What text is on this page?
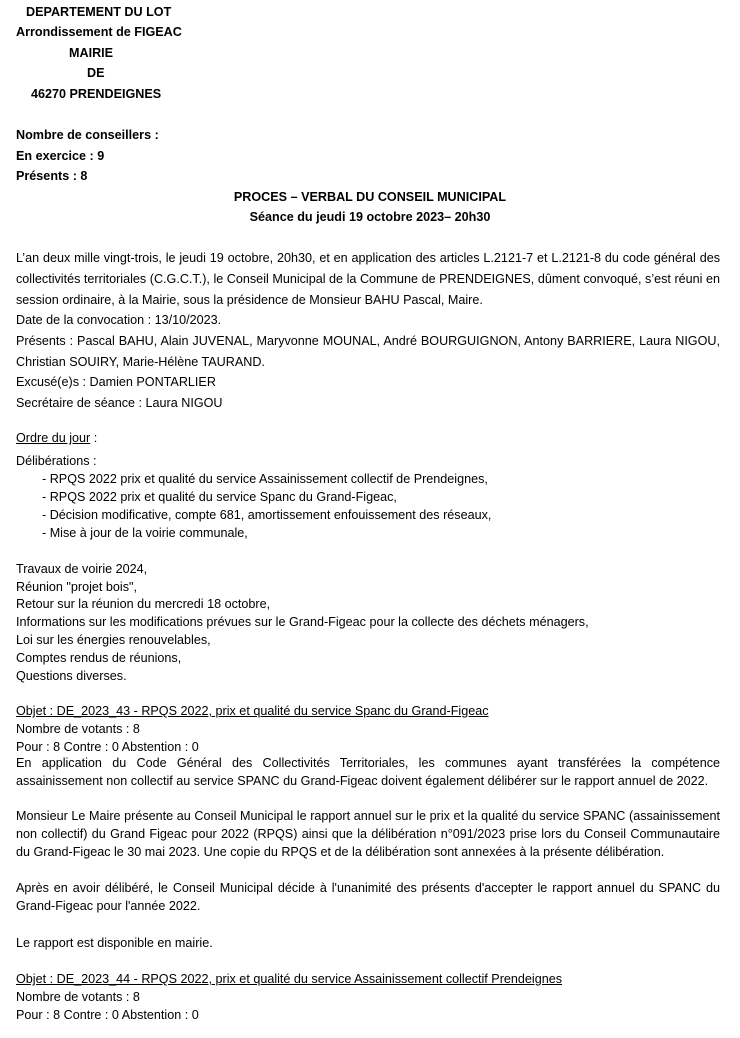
DEPARTEMENT DU LOT
Arrondissement de FIGEAC
MAIRIE
DE
46270 PRENDEIGNES
Nombre de conseillers :
En exercice : 9
Présents : 8
PROCES – VERBAL DU CONSEIL MUNICIPAL
Séance du jeudi 19 octobre 2023– 20h30
L’an deux mille vingt-trois, le jeudi 19 octobre, 20h30, et en application des articles L.2121-7 et L.2121-8 du code général des collectivités territoriales (C.G.C.T.), le Conseil Municipal de la Commune de PRENDEIGNES, dûment convoqué, s’est réuni en session ordinaire, à la Mairie, sous la présidence de Monsieur BAHU Pascal, Maire.
Date de la convocation : 13/10/2023.
Présents : Pascal BAHU, Alain JUVENAL, Maryvonne MOUNAL, André BOURGUIGNON, Antony BARRIERE, Laura NIGOU, Christian SOUIRY, Marie-Hélène TAURAND.
Excusé(e)s : Damien PONTARLIER
Secrétaire de séance : Laura NIGOU
Ordre du jour :
Délibérations :
- RPQS 2022 prix et qualité du service Assainissement collectif de Prendeignes,
- RPQS 2022 prix et qualité du service Spanc du Grand-Figeac,
- Décision modificative, compte 681, amortissement enfouissement des réseaux,
- Mise à jour de la voirie communale,
Travaux de voirie 2024,
Réunion "projet bois",
Retour sur la réunion du mercredi 18 octobre,
Informations sur les modifications prévues sur le Grand-Figeac pour la collecte des déchets ménagers,
Loi sur les énergies renouvelables,
Comptes rendus de réunions,
Questions diverses.
Objet : DE_2023_43 - RPQS 2022, prix et qualité du service Spanc du Grand-Figeac
Nombre de votants : 8
Pour : 8 Contre : 0 Abstention : 0
En application du Code Général des Collectivités Territoriales, les communes ayant transférées la compétence assainissement non collectif au service SPANC du Grand-Figeac doivent également délibérer sur le rapport annuel de 2022.
Monsieur Le Maire présente au Conseil Municipal le rapport annuel sur le prix et la qualité du service SPANC (assainissement non collectif) du Grand Figeac pour 2022 (RPQS) ainsi que la délibération n°091/2023 prise lors du Conseil Communautaire du Grand-Figeac le 30 mai 2023. Une copie du RPQS et de la délibération sont annexées à la présente délibération.
Après en avoir délibéré, le Conseil Municipal décide à l'unanimité des présents d'accepter le rapport annuel du SPANC du Grand-Figeac pour l'année 2022.
Le rapport est disponible en mairie.
Objet : DE_2023_44 - RPQS 2022, prix et qualité du service Assainissement collectif Prendeignes
Nombre de votants : 8
Pour : 8 Contre : 0 Abstention : 0
